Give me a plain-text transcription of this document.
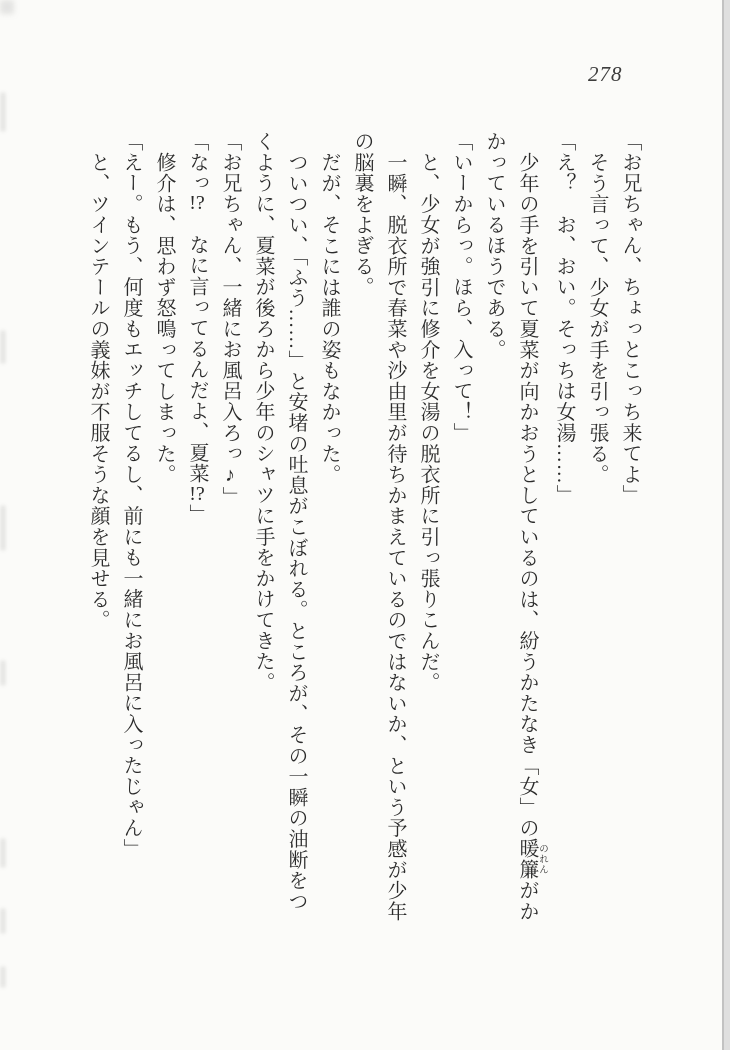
278
「お兄ちゃん、ちょっとこっち来てよ」
そう言って、少女が手を引っ張る。
「え？　お、おい。そっちは女湯……」
少年の手を引いて夏菜が向かおうとしているのは、紛うかたなき「女」の暖簾 のれんがか
かっているほうである。
「いーからっ。ほら、入って！」
と、少女が強引に修介を女湯の脱衣所に引っ張りこんだ。
一瞬、脱衣所で春菜や沙由里が待ちかまえているのではないか、という予感が少年
の脳裏をよぎる。
だが、そこには誰の姿もなかった。
ついつい、「ふう……」と安堵の吐息がこぼれる。ところが、その一瞬の油断をつ
くように、夏菜が後ろから少年のシャツに手をかけてきた。
「お兄ちゃん、一緒にお風呂入ろっ♪」
「なっ!?　なに言ってるんだよ、夏菜!?」
修介は、思わず怒鳴ってしまった。
「えー。もう、何度もエッチしてるし、前にも一緒にお風呂に入ったじゃん」
と、ツインテールの義妹が不服そうな顔を見せる。
